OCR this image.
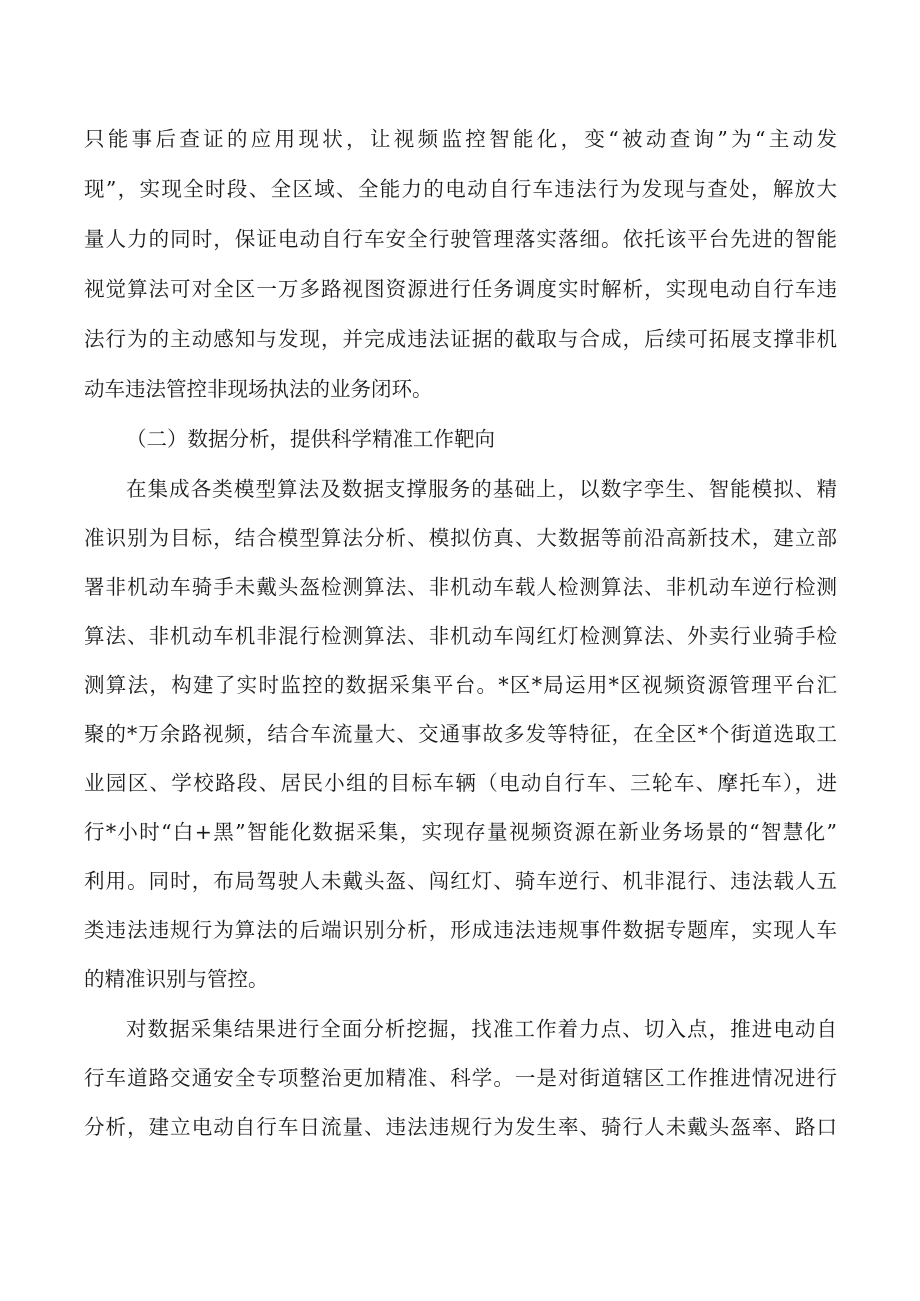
只能事后查证的应用现状，让视频监控智能化，变“被动查询”为“主动发
现”，实现全时段、全区域、全能力的电动自行车违法行为发现与查处，解放大
量人力的同时，保证电动自行车安全行驶管理落实落细。依托该平台先进的智能
视觉算法可对全区一万多路视图资源进行任务调度实时解析，实现电动自行车违
法行为的主动感知与发现，并完成违法证据的截取与合成，后续可拓展支撑非机
动车违法管控非现场执法的业务闭环。
（二）数据分析，提供科学精准工作靶向
在集成各类模型算法及数据支撑服务的基础上，以数字孪生、智能模拟、精
准识别为目标，结合模型算法分析、模拟仿真、大数据等前沿高新技术，建立部
署非机动车骑手未戴头盔检测算法、非机动车载人检测算法、非机动车逆行检测
算法、非机动车机非混行检测算法、非机动车闯红灯检测算法、外卖行业骑手检
测算法，构建了实时监控的数据采集平台。*区*局运用*区视频资源管理平台汇
聚的*万余路视频，结合车流量大、交通事故多发等特征，在全区*个街道选取工
业园区、学校路段、居民小组的目标车辆（电动自行车、三轮车、摩托车），进
行*小时“白+黑”智能化数据采集，实现存量视频资源在新业务场景的“智慧化”
利用。同时，布局驾驶人未戴头盔、闯红灯、骑车逆行、机非混行、违法载人五
类违法违规行为算法的后端识别分析，形成违法违规事件数据专题库，实现人车
的精准识别与管控。
对数据采集结果进行全面分析挖掘，找准工作着力点、切入点，推进电动自
行车道路交通安全专项整治更加精准、科学。一是对街道辖区工作推进情况进行
分析，建立电动自行车日流量、违法违规行为发生率、骑行人未戴头盔率、路口
